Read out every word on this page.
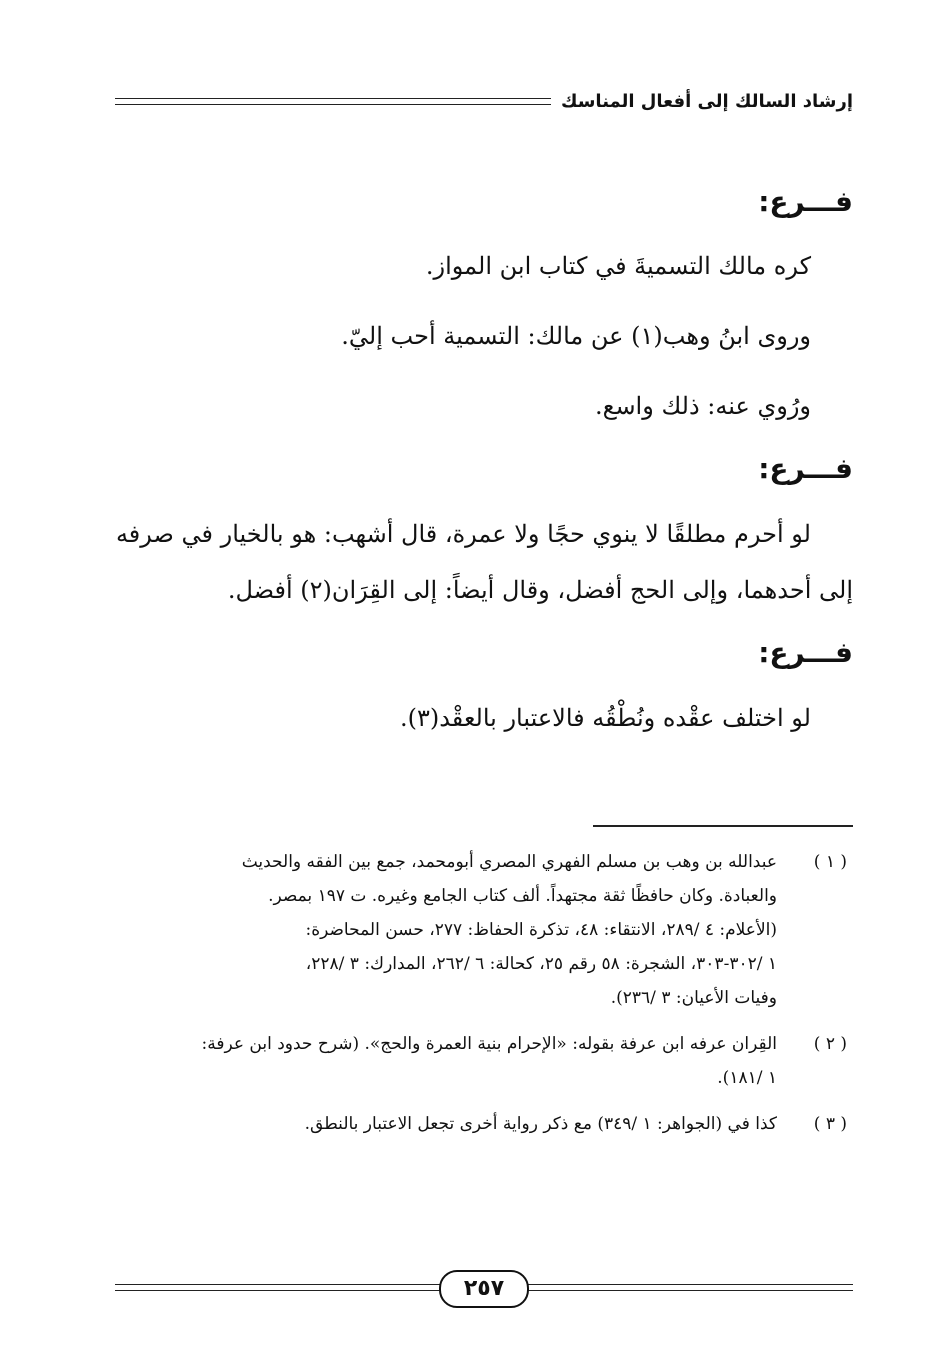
إرشاد السالك إلى أفعال المناسك
فـــرع:
كره مالك التسميةَ في كتاب ابن المواز.
وروى ابنُ وهب(١) عن مالك: التسمية أحب إليّ.
ورُوي عنه: ذلك واسع.
فـــرع:
لو أحرم مطلقًا لا ينوي حجًا ولا عمرة، قال أشهب: هو بالخيار في صرفه
إلى أحدهما، وإلى الحج أفضل، وقال أيضاً: إلى القِرَان(٢) أفضل.
فـــرع:
لو اختلف عقْده ونُطْقُه فالاعتبار بالعقْد(٣).
( ١ )
عبدالله بن وهب بن مسلم الفهري المصري أبومحمد، جمع بين الفقه والحديث
والعبادة. وكان حافظًا ثقة مجتهداً. ألف كتاب الجامع وغيره. ت ١٩٧ بمصر.
(الأعلام: ٤ /٢٨٩، الانتقاء: ٤٨، تذكرة الحفاظ: ٢٧٧، حسن المحاضرة:
١ /٣٠٢-٣٠٣، الشجرة: ٥٨ رقم ٢٥، كحالة: ٦ /٢٦٢، المدارك: ٣ /٢٢٨،
وفيات الأعيان: ٣ /٢٣٦).
( ٢ )
القِران عرفه ابن عرفة بقوله: «الإحرام بنية العمرة والحج». (شرح حدود ابن عرفة:
١ /١٨١).
( ٣ )
كذا في (الجواهر: ١ /٣٤٩) مع ذكر رواية أخرى تجعل الاعتبار بالنطق.
٢٥٧
